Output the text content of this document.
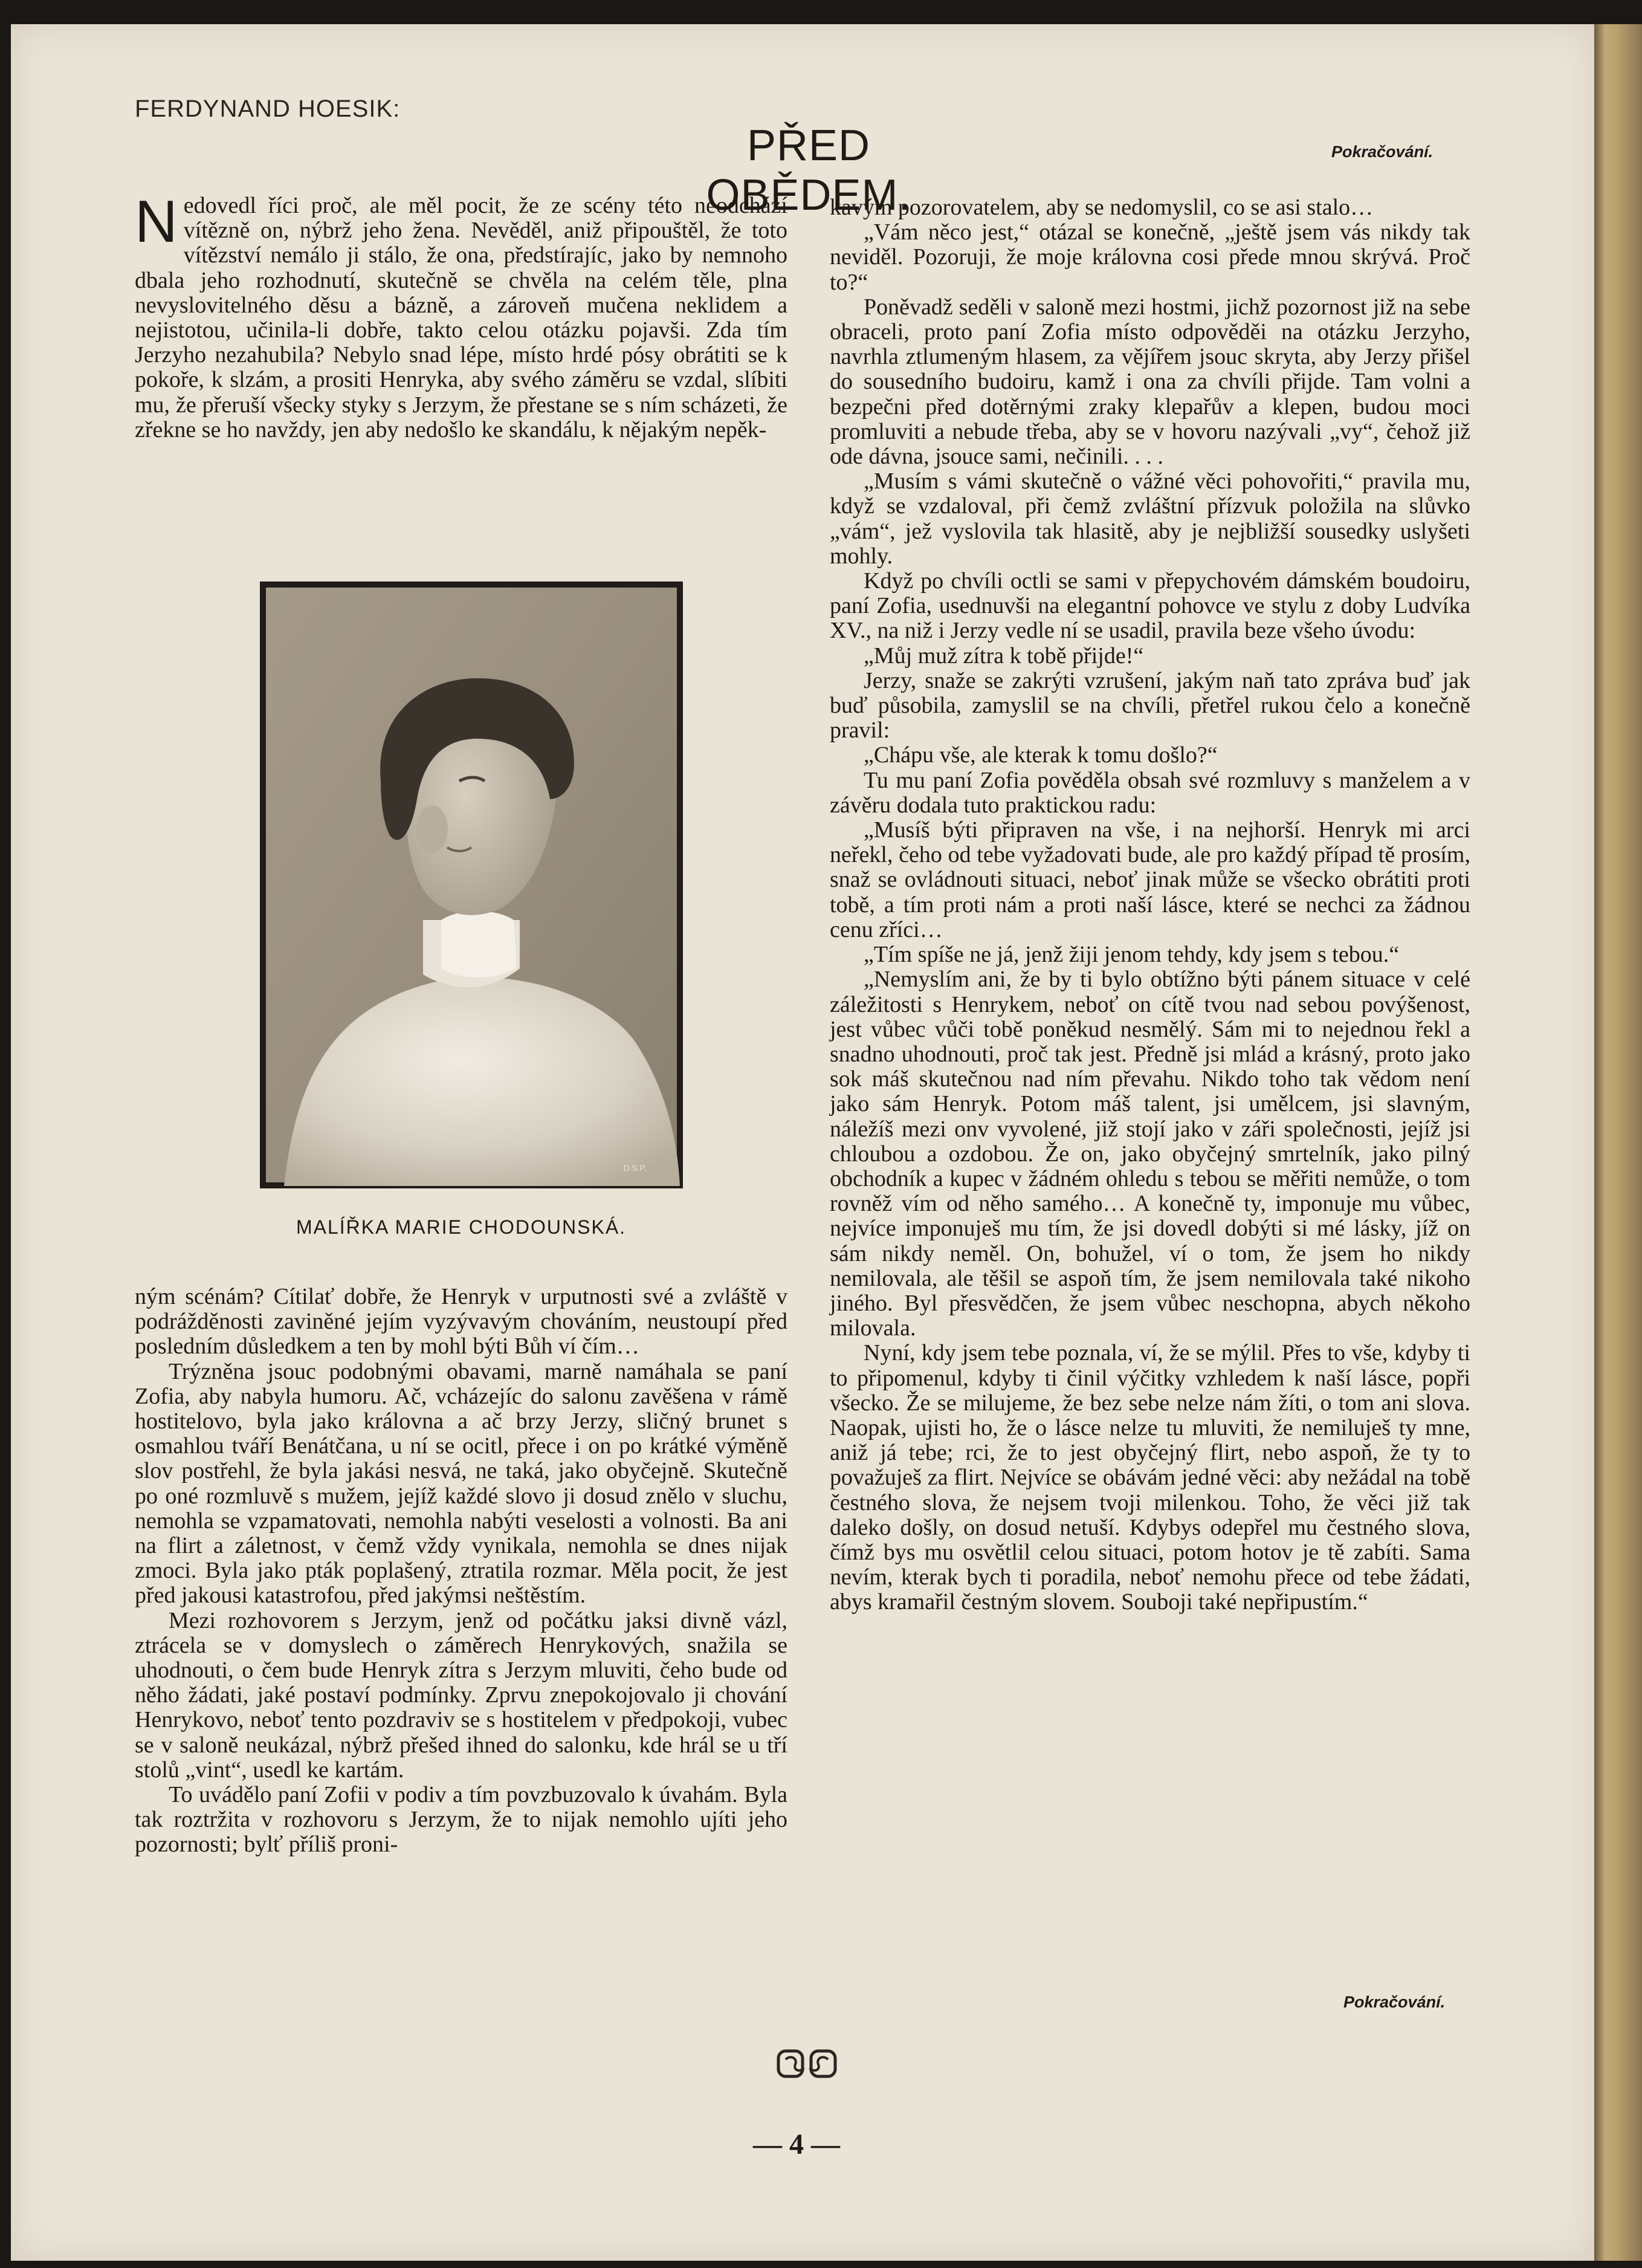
FERDYNAND HOESIK:
PŘED OBĚDEM.
Pokračování.

Nedovedl říci proč, ale měl pocit, že ze scény této neodchází vítězně on, nýbrž jeho žena. Nevěděl, aniž připouštěl, že toto vítězství nemálo ji stálo, že ona, předstírajíc, jako by nemnoho dbala jeho rozhodnutí, skutečně se chvěla na celém těle, plna nevyslovitelného děsu a bázně, a zároveň mučena neklidem a nejistotou, učinila-li dobře, takto celou otázku pojavši. Zda tím Jerzyho nezahubila? Nebylo snad lépe, místo hrdé pósy obrátiti se k pokoře, k slzám, a prositi Henryka, aby svého záměru se vzdal, slíbiti mu, že přeruší všecky styky s Jerzym, že přestane se s ním scházeti, že zřekne se ho navždy, jen aby nedošlo ke skandálu, k nějakým nepěk-

D.S.P.
MALÍŘKA MARIE CHODOUNSKÁ.

ným scénám? Cítilať dobře, že Henryk v urputnosti své a zvláště v podrážděnosti zaviněné jejím vyzývavým chováním, neustoupí před posledním důsledkem a ten by mohl býti Bůh ví čím…

Trýzněna jsouc podobnými obavami, marně namáhala se paní Zofia, aby nabyla humoru. Ač, vcházejíc do salonu zavěšena v rámě hostitelovo, byla jako královna a ač brzy Jerzy, sličný brunet s osmahlou tváří Benátčana, u ní se ocitl, přece i on po krátké výměně slov postřehl, že byla jakási nesvá, ne taká, jako obyčejně. Skutečně po oné rozmluvě s mužem, jejíž každé slovo ji dosud znělo v sluchu, nemohla se vzpamatovati, nemohla nabýti veselosti a volnosti. Ba ani na flirt a záletnost, v čemž vždy vynikala, nemohla se dnes nijak zmoci. Byla jako pták poplašený, ztratila rozmar. Měla pocit, že jest před jakousi katastrofou, před jakýmsi neštěstím.

Mezi rozhovorem s Jerzym, jenž od počátku jaksi divně vázl, ztrácela se v domyslech o záměrech Henrykových, snažila se uhodnouti, o čem bude Henryk zítra s Jerzym mluviti, čeho bude od něho žádati, jaké postaví podmínky. Zprvu znepokojovalo ji chování Henrykovo, neboť tento pozdraviv se s hostitelem v předpokoji, vubec se v saloně neukázal, nýbrž přešed ihned do salonku, kde hrál se u tří stolů „vint“, usedl ke kartám.

To uvádělo paní Zofii v podiv a tím povzbuzovalo k úvahám. Byla tak roztržita v rozhovoru s Jerzym, že to nijak nemohlo ujíti jeho pozornosti; bylť příliš proni-

kavým pozorovatelem, aby se nedomyslil, co se asi stalo…

„Vám něco jest,“ otázal se konečně, „ještě jsem vás nikdy tak neviděl. Pozoruji, že moje královna cosi přede mnou skrývá. Proč to?“

Poněvadž seděli v saloně mezi hostmi, jichž pozornost již na sebe obraceli, proto paní Zofia místo odpověděi na otázku Jerzyho, navrhla ztlumeným hlasem, za vějířem jsouc skryta, aby Jerzy přišel do sousedního budoiru, kamž i ona za chvíli přijde. Tam volni a bezpečni před dotěrnými zraky klepařův a klepen, budou moci promluviti a nebude třeba, aby se v hovoru nazývali „vy“, čehož již ode dávna, jsouce sami, nečinili. . . .

„Musím s vámi skutečně o vážné věci pohovořiti,“ pravila mu, když se vzdaloval, při čemž zvláštní přízvuk položila na slůvko „vám“, jež vyslovila tak hlasitě, aby je nejbližší sousedky uslyšeti mohly.

Když po chvíli octli se sami v přepychovém dámském boudoiru, paní Zofia, usednuvši na elegantní pohovce ve stylu z doby Ludvíka XV., na niž i Jerzy vedle ní se usadil, pravila beze všeho úvodu:

„Můj muž zítra k tobě přijde!“

Jerzy, snaže se zakrýti vzrušení, jakým naň tato zpráva buď jak buď působila, zamyslil se na chvíli, přetřel rukou čelo a konečně pravil:

„Chápu vše, ale kterak k tomu došlo?“

Tu mu paní Zofia pověděla obsah své rozmluvy s manželem a v závěru dodala tuto praktickou radu:

„Musíš býti připraven na vše, i na nejhorší. Henryk mi arci neřekl, čeho od tebe vyžadovati bude, ale pro každý případ tě prosím, snaž se ovládnouti situaci, neboť jinak může se všecko obrátiti proti tobě, a tím proti nám a proti naší lásce, které se nechci za žádnou cenu zříci…

„Tím spíše ne já, jenž žiji jenom tehdy, kdy jsem s tebou.“

„Nemyslím ani, že by ti bylo obtížno býti pánem situace v celé záležitosti s Henrykem, neboť on cítě tvou nad sebou povýšenost, jest vůbec vůči tobě poněkud nesmělý. Sám mi to nejednou řekl a snadno uhodnouti, proč tak jest. Předně jsi mlád a krásný, proto jako sok máš skutečnou nad ním převahu. Nikdo toho tak vědom není jako sám Henryk. Potom máš talent, jsi umělcem, jsi slavným, náležíš mezi onv vyvolené, již stojí jako v záři společnosti, jejíž jsi chloubou a ozdobou. Že on, jako obyčejný smrtelník, jako pilný obchodník a kupec v žádném ohledu s tebou se měřiti nemůže, o tom rovněž vím od něho samého… A konečně ty, imponuje mu vůbec, nejvíce imponuješ mu tím, že jsi dovedl dobýti si mé lásky, jíž on sám nikdy neměl. On, bohužel, ví o tom, že jsem ho nikdy nemilovala, ale těšil se aspoň tím, že jsem nemilovala také nikoho jiného. Byl přesvědčen, že jsem vůbec neschopna, abych někoho milovala.

Nyní, kdy jsem tebe poznala, ví, že se mýlil. Přes to vše, kdyby ti to připomenul, kdyby ti činil výčitky vzhledem k naší lásce, popři všecko. Že se milujeme, že bez sebe nelze nám žíti, o tom ani slova. Naopak, ujisti ho, že o lásce nelze tu mluviti, že nemiluješ ty mne, aniž já tebe; rci, že to jest obyčejný flirt, nebo aspoň, že ty to považuješ za flirt. Nejvíce se obávám jedné věci: aby nežádal na tobě čestného slova, že nejsem tvoji milenkou. Toho, že věci již tak daleko došly, on dosud netuší. Kdybys odepřel mu čestného slova, čímž bys mu osvětlil celou situaci, potom hotov je tě zabíti. Sama nevím, kterak bych ti poradila, neboť nemohu přece od tebe žádati, abys kramařil čestným slovem. Souboji také nepřipustím.“

Pokračování.
— 4 —
